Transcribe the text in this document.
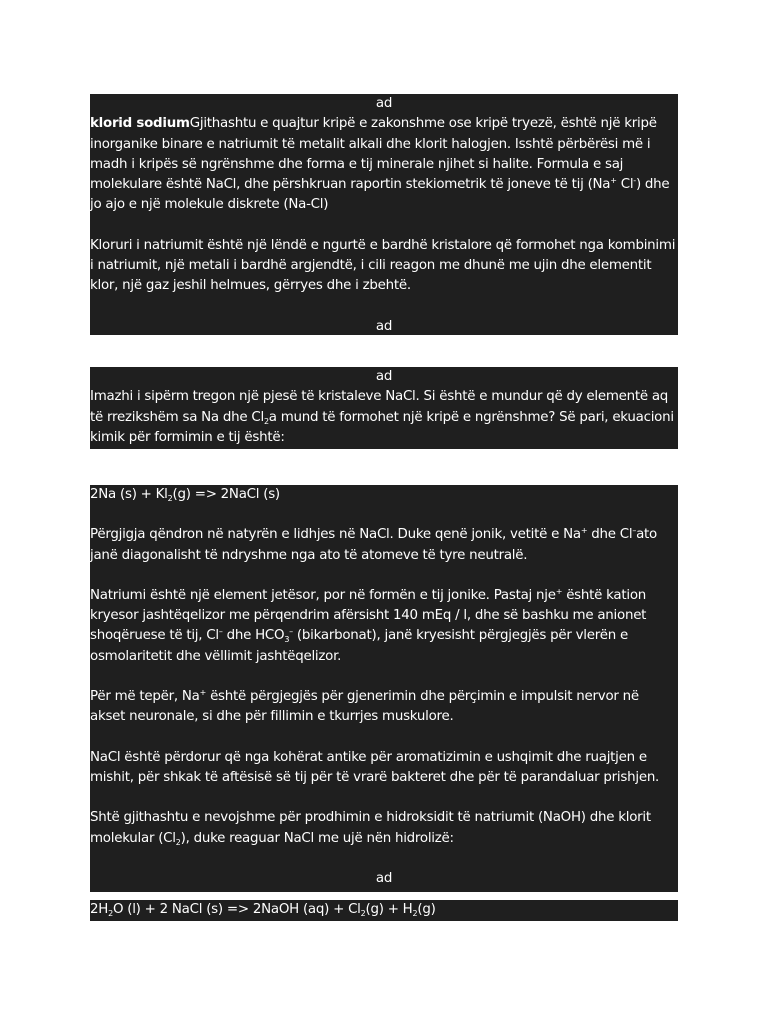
ad

klorid sodiumGjithashtu e quajtur kripë e zakonshme ose kripë tryezë, është një kripë inorganike binare e natriumit të metalit alkali dhe klorit halogjen. Isshtë përbërësi më i madh i kripës së ngrënshme dhe forma e tij minerale njihet si halite. Formula e saj molekulare është NaCl, dhe përshkruan raportin stekiometrik të joneve të tij (Na+ Cl-) dhe jo ajo e një molekule diskrete (Na-Cl)

Kloruri i natriumit është një lëndë e ngurtë e bardhë kristalore që formohet nga kombinimi i natriumit, një metali i bardhë argjendtë, i cili reagon me dhunë me ujin dhe elementit klor, një gaz jeshil helmues, gërryes dhe i zbehtë.

ad

ad

Imazhi i sipërm tregon një pjesë të kristaleve NaCl. Si është e mundur që dy elementë aq të rrezikshëm sa Na dhe $Cl_2a$ mund të formohet një kripë e ngrënshme? Së pari, ekuacioni kimik për formimin e tij është:

2Na $(s) + Kl_2(g)$ => 2NaCl (s)

Përgjigja qëndron në natyrën e lidhjes në NaCl. Duke qenë jonik, vetitë e Na+ dhe Cl–ato janë diagonalisht të ndryshme nga ato të atomeve të tyre neutralë.

Natriumi është një element jetësor, por në formën e tij jonike. Pastaj nje+ është kation kryesor jashtëqelizor me përqendrim afërsisht 140 mEq / l, dhe së bashku me anionet shoqëruese të tij, Cl– dhe $HCO_3^-$ (bikarbonat), janë kryesisht përgjegjës për vlerën e osmolaritetit dhe vëllimit jashtëqelizor.

Për më tepër, Na+ është përgjegjës për gjenerimin dhe përçimin e impulsit nervor në akset neuronale, si dhe për fillimin e tkurrjes muskulore.

NaCl është përdorur që nga kohërat antike për aromatizimin e ushqimit dhe ruajtjen e mishit, për shkak të aftësisë së tij për të vrarë bakteret dhe për të parandaluar prishjen.

Shtë gjithashtu e nevojshme për prodhimin e hidroksidit të natriumit (NaOH) dhe klorit molekular $(Cl_2)$, duke reaguar NaCl me ujë nën hidrolizë:

ad

$2H_2O$ (l) + 2 NaCl (s) => 2NaOH $(aq) + Cl_2(g) + H_2(g)$
